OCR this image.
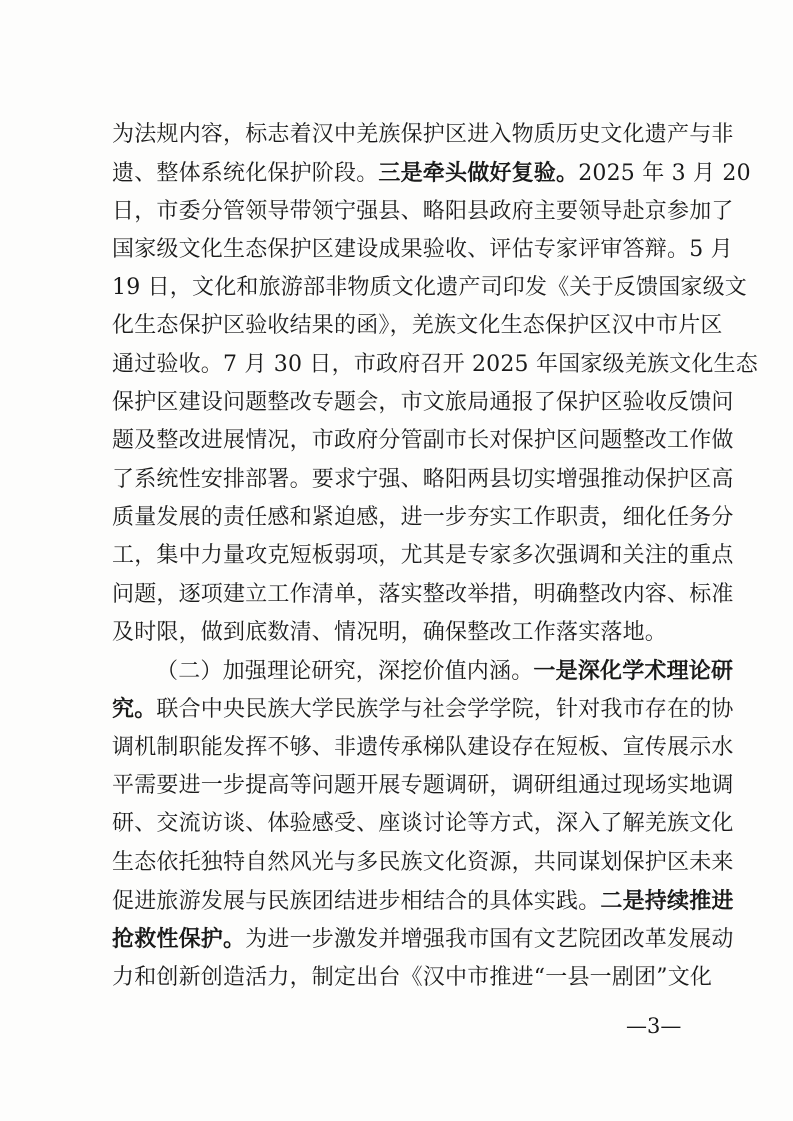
为法规内容，标志着汉中羌族保护区进入物质历史文化遗产与非
遗、整体系统化保护阶段。三是牵头做好复验。2025 年 3 月 20
日，市委分管领导带领宁强县、略阳县政府主要领导赴京参加了
国家级文化生态保护区建设成果验收、评估专家评审答辩。5 月
19 日，文化和旅游部非物质文化遗产司印发《关于反馈国家级文
化生态保护区验收结果的函》，羌族文化生态保护区汉中市片区
通过验收。7 月 30 日，市政府召开 2025 年国家级羌族文化生态
保护区建设问题整改专题会，市文旅局通报了保护区验收反馈问
题及整改进展情况，市政府分管副市长对保护区问题整改工作做
了系统性安排部署。要求宁强、略阳两县切实增强推动保护区高
质量发展的责任感和紧迫感，进一步夯实工作职责，细化任务分
工，集中力量攻克短板弱项，尤其是专家多次强调和关注的重点
问题，逐项建立工作清单，落实整改举措，明确整改内容、标准
及时限，做到底数清、情况明，确保整改工作落实落地。
（二）加强理论研究，深挖价值内涵。一是深化学术理论研
究。联合中央民族大学民族学与社会学学院，针对我市存在的协
调机制职能发挥不够、非遗传承梯队建设存在短板、宣传展示水
平需要进一步提高等问题开展专题调研，调研组通过现场实地调
研、交流访谈、体验感受、座谈讨论等方式，深入了解羌族文化
生态依托独特自然风光与多民族文化资源，共同谋划保护区未来
促进旅游发展与民族团结进步相结合的具体实践。二是持续推进
抢救性保护。为进一步激发并增强我市国有文艺院团改革发展动
力和创新创造活力，制定出台《汉中市推进“一县一剧团”文化
—3—
